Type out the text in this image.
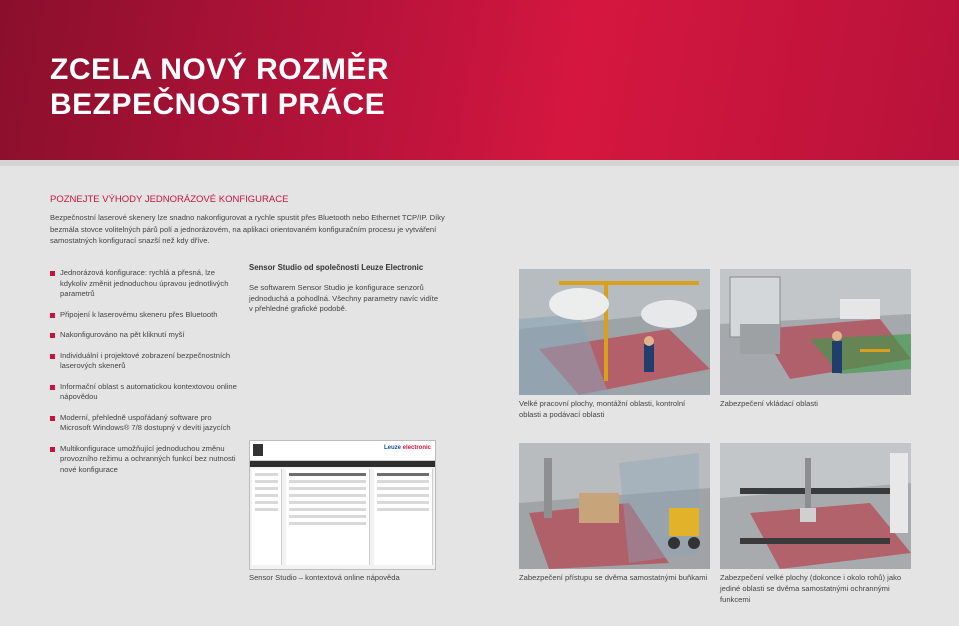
ZCELA NOVÝ ROZMĚR
BEZPEČNOSTI PRÁCE
POZNEJTE VÝHODY JEDNORÁZOVÉ KONFIGURACE
Bezpečnostní laserové skenery lze snadno nakonfigurovat a rychle spustit přes Bluetooth nebo Ethernet TCP/IP. Díky bezmála stovce volitelných párů polí a jednorázovém, na aplikaci orientovaném konfiguračním procesu je vytváření samostatných konfigurací snazší než kdy dříve.
Jednorázová konfigurace: rychlá a přesná, lze kdykoliv změnit jednoduchou úpravou jednotlivých parametrů
Připojení k laserovému skeneru přes Bluetooth
Nakonfigurováno na pět kliknutí myší
Individuální i projektové zobrazení bezpečnostních laserových skenerů
Informační oblast s automatickou kontextovou online nápovědou
Moderní, přehledně uspořádaný software pro Microsoft Windows® 7/8 dostupný v devíti jazycích
Multikonfigurace umožňující jednoduchou změnu provozního režimu a ochranných funkcí bez nutnosti nové konfigurace
Sensor Studio od společnosti Leuze Electronic
Se softwarem Sensor Studio je konfigurace senzorů jednoduchá a pohodlná. Všechny parametry navíc vidíte v přehledné grafické podobě.
Velké pracovní plochy, montážní oblasti, kontrolní oblasti a podávací oblasti
Zabezpečení vkládací oblasti
Leuze electronic
Sensor Studio – kontextová online nápověda	Zabezpečení přístupu se dvěma samostatnými buňkami Zabezpečení velké plochy (dokonce i okolo rohů) jako jediné oblasti se dvěma samostatnými ochrannými funkcemi
